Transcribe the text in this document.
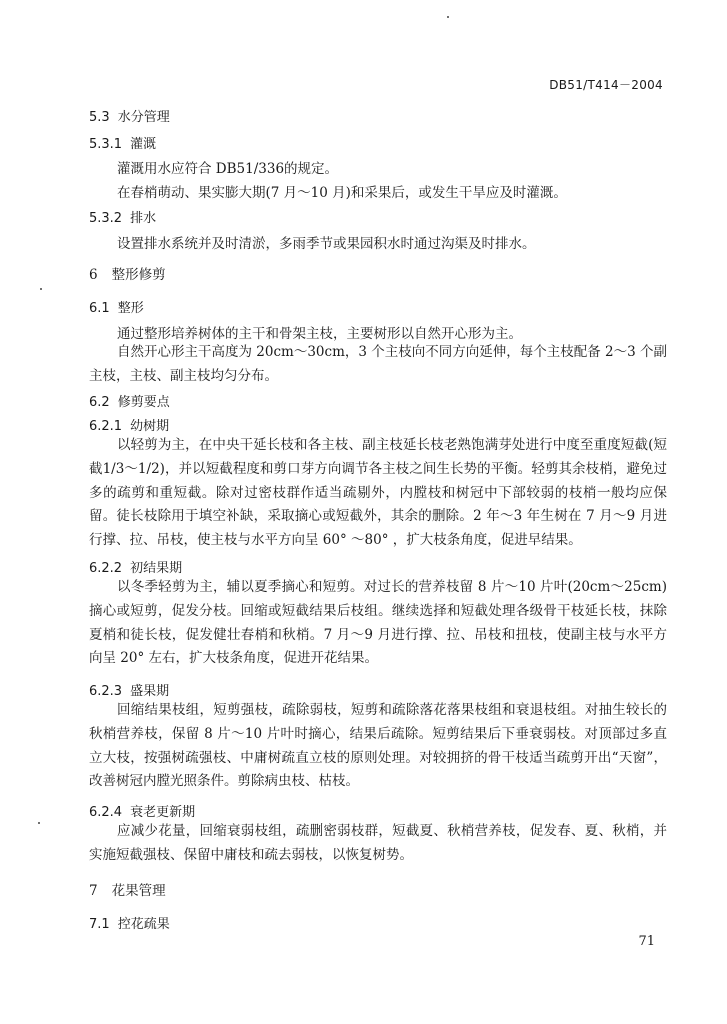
DB51/T414－2004
5.3 水分管理
5.3.1 灌溉
灌溉用水应符合 DB51/336的规定。
在春梢萌动、果实膨大期(7 月～10 月)和采果后，或发生干旱应及时灌溉。
5.3.2 排水
设置排水系统并及时清淤，多雨季节或果园积水时通过沟渠及时排水。
6 整形修剪
6.1 整形
通过整形培养树体的主干和骨架主枝，主要树形以自然开心形为主。
自然开心形主干高度为 20cm～30cm，3 个主枝向不同方向延伸，每个主枝配备 2～3 个副主枝，主枝、副主枝均匀分布。
6.2 修剪要点
6.2.1 幼树期
以轻剪为主，在中央干延长枝和各主枝、副主枝延长枝老熟饱满芽处进行中度至重度短截(短截1/3～1/2)，并以短截程度和剪口芽方向调节各主枝之间生长势的平衡。轻剪其余枝梢，避免过多的疏剪和重短截。除对过密枝群作适当疏剔外，内膛枝和树冠中下部较弱的枝梢一般均应保留。徒长枝除用于填空补缺，采取摘心或短截外，其余的删除。2 年～3 年生树在 7 月～9 月进行撑、拉、吊枝，使主枝与水平方向呈 60° ～80° ，扩大枝条角度，促进早结果。
6.2.2 初结果期
以冬季轻剪为主，辅以夏季摘心和短剪。对过长的营养枝留 8 片～10 片叶(20cm～25cm)摘心或短剪，促发分枝。回缩或短截结果后枝组。继续选择和短截处理各级骨干枝延长枝，抹除夏梢和徒长枝，促发健壮春梢和秋梢。7 月～9 月进行撑、拉、吊枝和扭枝，使副主枝与水平方向呈 20° 左右，扩大枝条角度，促进开花结果。
6.2.3 盛果期
回缩结果枝组，短剪强枝，疏除弱枝，短剪和疏除落花落果枝组和衰退枝组。对抽生较长的秋梢营养枝，保留 8 片～10 片叶时摘心，结果后疏除。短剪结果后下垂衰弱枝。对顶部过多直立大枝，按强树疏强枝、中庸树疏直立枝的原则处理。对较拥挤的骨干枝适当疏剪开出“天窗”，改善树冠内膛光照条件。剪除病虫枝、枯枝。
6.2.4 衰老更新期
应减少花量，回缩衰弱枝组，疏删密弱枝群，短截夏、秋梢营养枝，促发春、夏、秋梢，并实施短截强枝、保留中庸枝和疏去弱枝，以恢复树势。
7 花果管理
7.1 控花疏果
71
